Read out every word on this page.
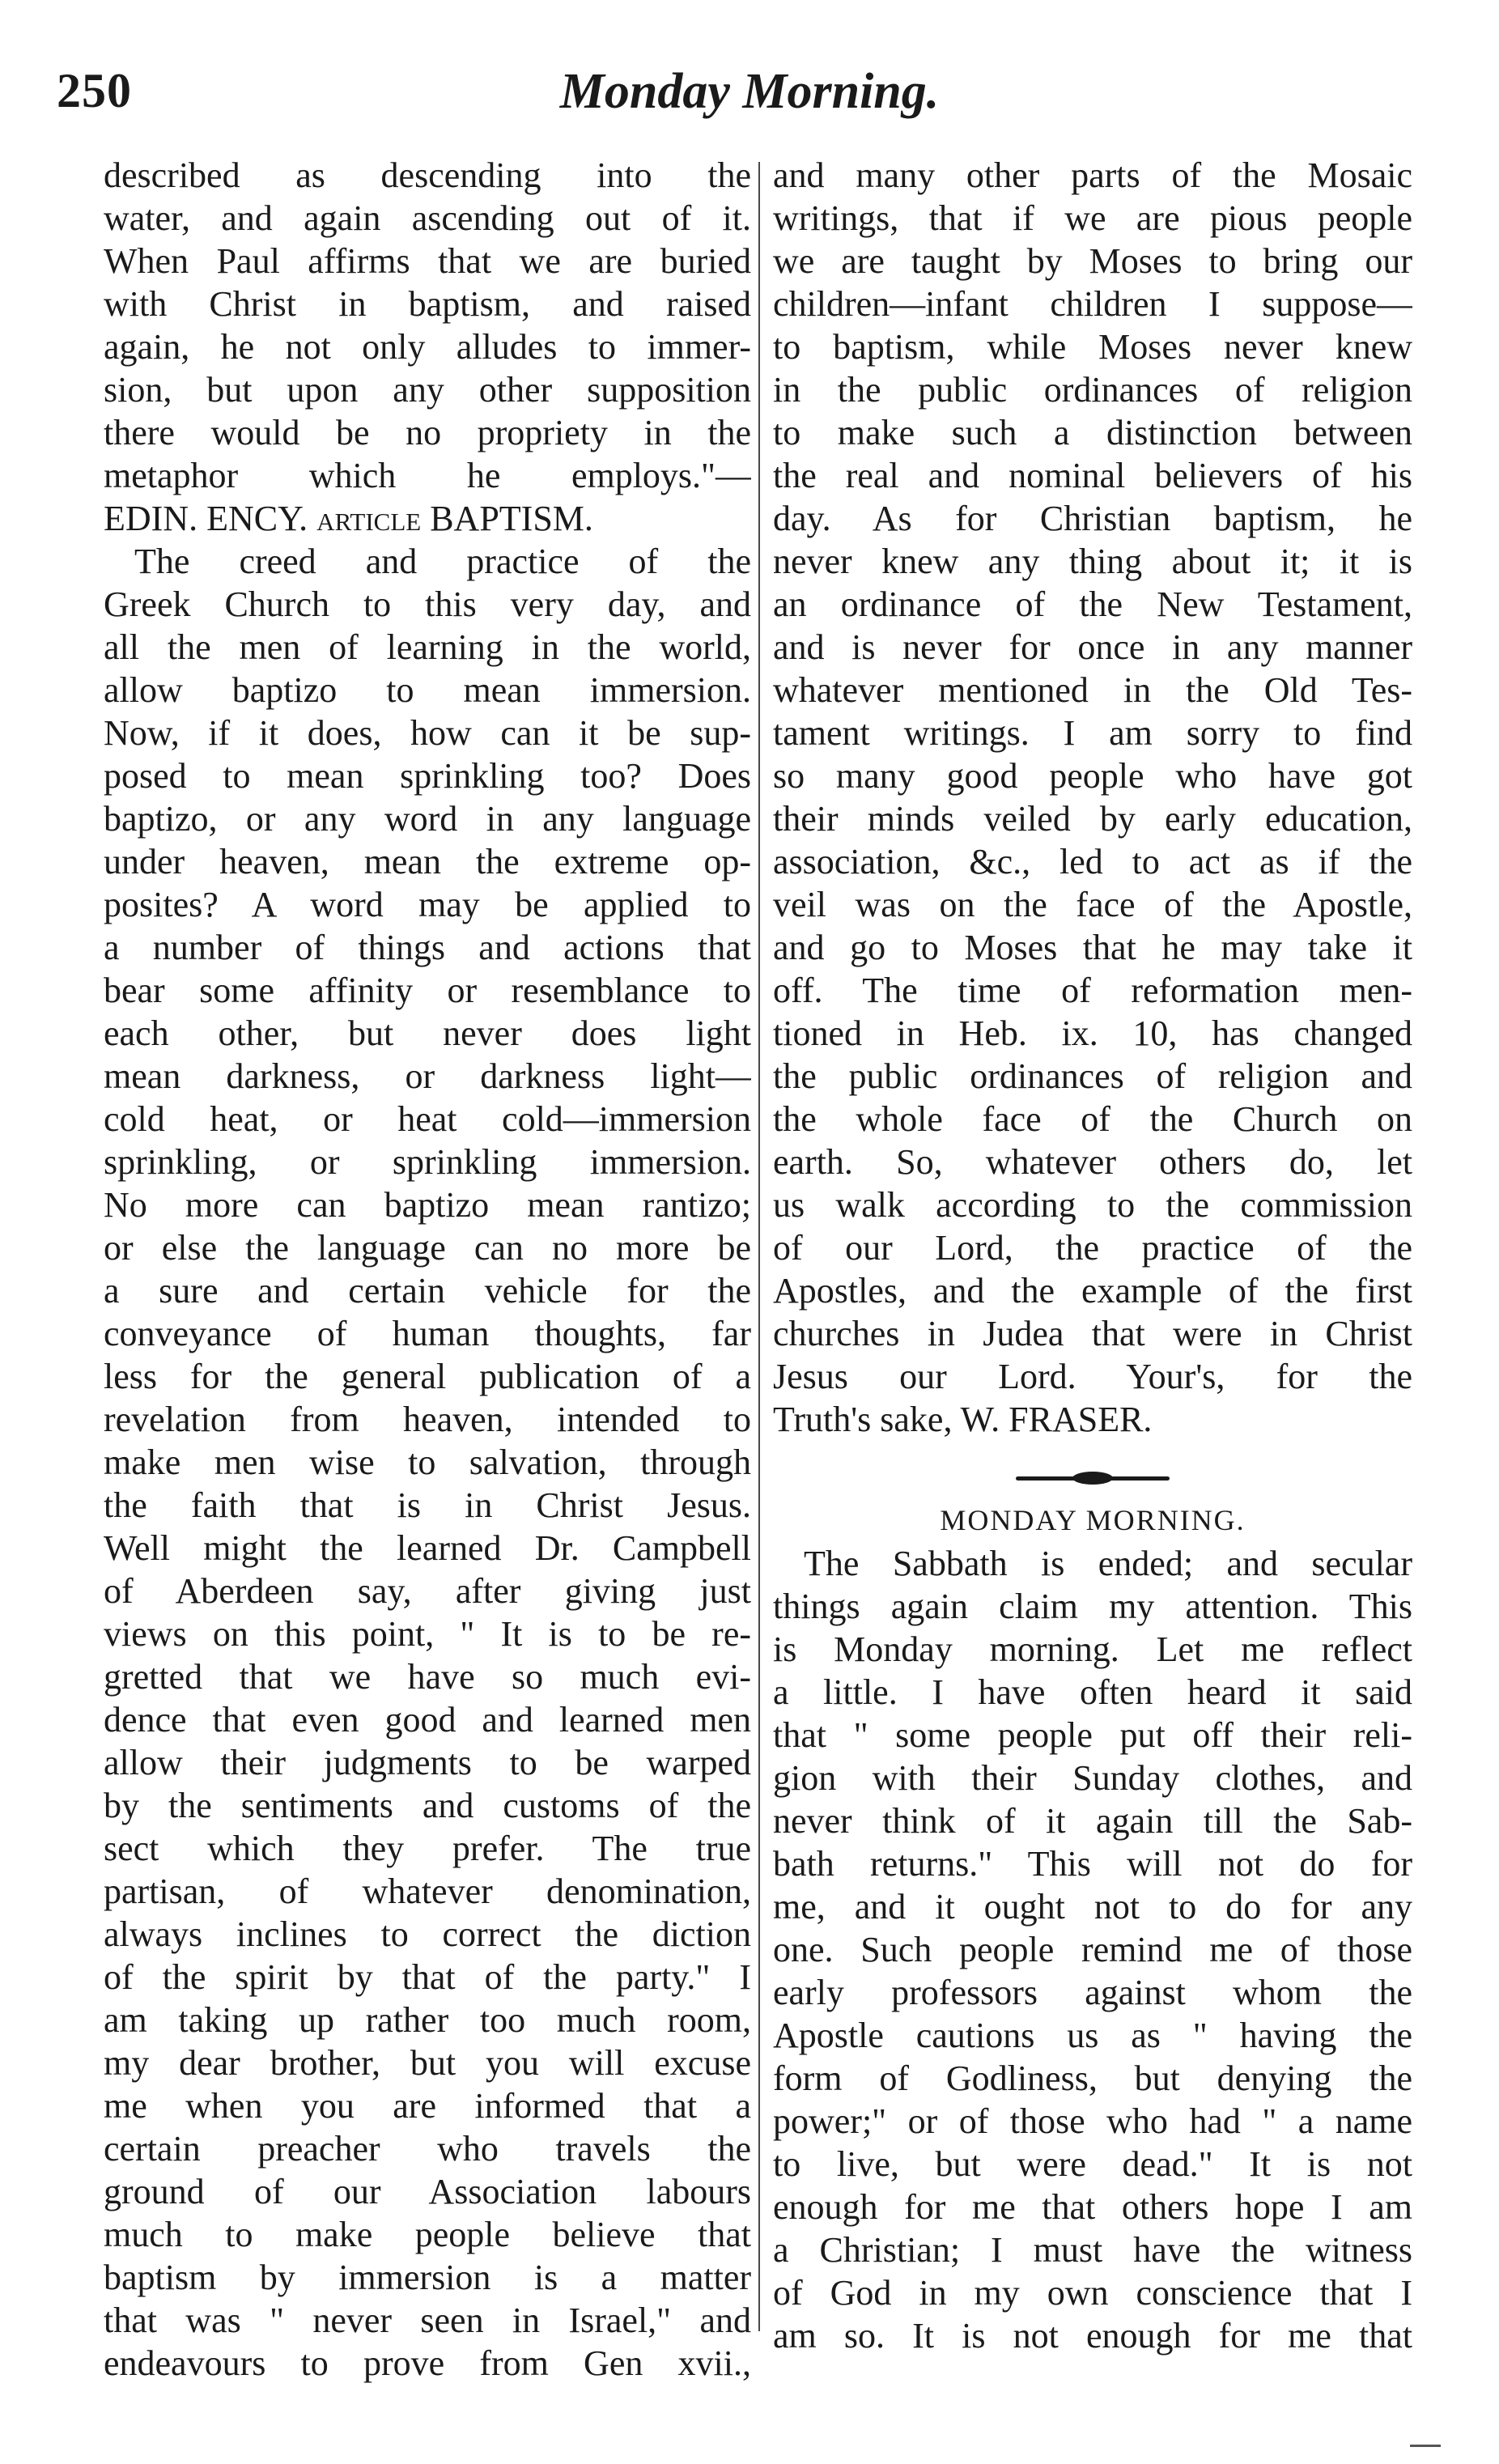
250	Monday Morning.
described as descending into the
water, and again ascending out of it.
When Paul affirms that we are buried
with Christ in baptism, and raised
again, he not only alludes to immer-
sion, but upon any other supposition
there would be no propriety in the
metaphor which he employs."—
EDIN. ENCY. article BAPTISM.
The creed and practice of the
Greek Church to this very day, and
all the men of learning in the world,
allow baptizo to mean immersion.
Now, if it does, how can it be sup-
posed to mean sprinkling too? Does
baptizo, or any word in any language
under heaven, mean the extreme op-
posites? A word may be applied to
a number of things and actions that
bear some affinity or resemblance to
each other, but never does light
mean darkness, or darkness light—
cold heat, or heat cold—immersion
sprinkling, or sprinkling immersion.
No more can baptizo mean rantizo;
or else the language can no more be
a sure and certain vehicle for the
conveyance of human thoughts, far
less for the general publication of a
revelation from heaven, intended to
make men wise to salvation, through
the faith that is in Christ Jesus.
Well might the learned Dr. Campbell
of Aberdeen say, after giving just
views on this point, " It is to be re-
gretted that we have so much evi-
dence that even good and learned men
allow their judgments to be warped
by the sentiments and customs of the
sect which they prefer. The true
partisan, of whatever denomination,
always inclines to correct the diction
of the spirit by that of the party." I
am taking up rather too much room,
my dear brother, but you will excuse
me when you are informed that a
certain preacher who travels the
ground of our Association labours
much to make people believe that
baptism by immersion is a matter
that was " never seen in Israel," and
endeavours to prove from Gen xvii.,
and many other parts of the Mosaic
writings, that if we are pious people
we are taught by Moses to bring our
children—infant children I suppose—
to baptism, while Moses never knew
in the public ordinances of religion
to make such a distinction between
the real and nominal believers of his
day. As for Christian baptism, he
never knew any thing about it; it is
an ordinance of the New Testament,
and is never for once in any manner
whatever mentioned in the Old Tes-
tament writings. I am sorry to find
so many good people who have got
their minds veiled by early education,
association, &c., led to act as if the
veil was on the face of the Apostle,
and go to Moses that he may take it
off. The time of reformation men-
tioned in Heb. ix. 10, has changed
the public ordinances of religion and
the whole face of the Church on
earth. So, whatever others do, let
us walk according to the commission
of our Lord, the practice of the
Apostles, and the example of the first
churches in Judea that were in Christ
Jesus our Lord. Your's, for the
Truth's sake, W. FRASER.
MONDAY MORNING.
The Sabbath is ended; and secular
things again claim my attention. This
is Monday morning. Let me reflect
a little. I have often heard it said
that " some people put off their reli-
gion with their Sunday clothes, and
never think of it again till the Sab-
bath returns." This will not do for
me, and it ought not to do for any
one. Such people remind me of those
early professors against whom the
Apostle cautions us as " having the
form of Godliness, but denying the
power;" or of those who had " a name
to live, but were dead." It is not
enough for me that others hope I am
a Christian; I must have the witness
of God in my own conscience that I
am so. It is not enough for me that
